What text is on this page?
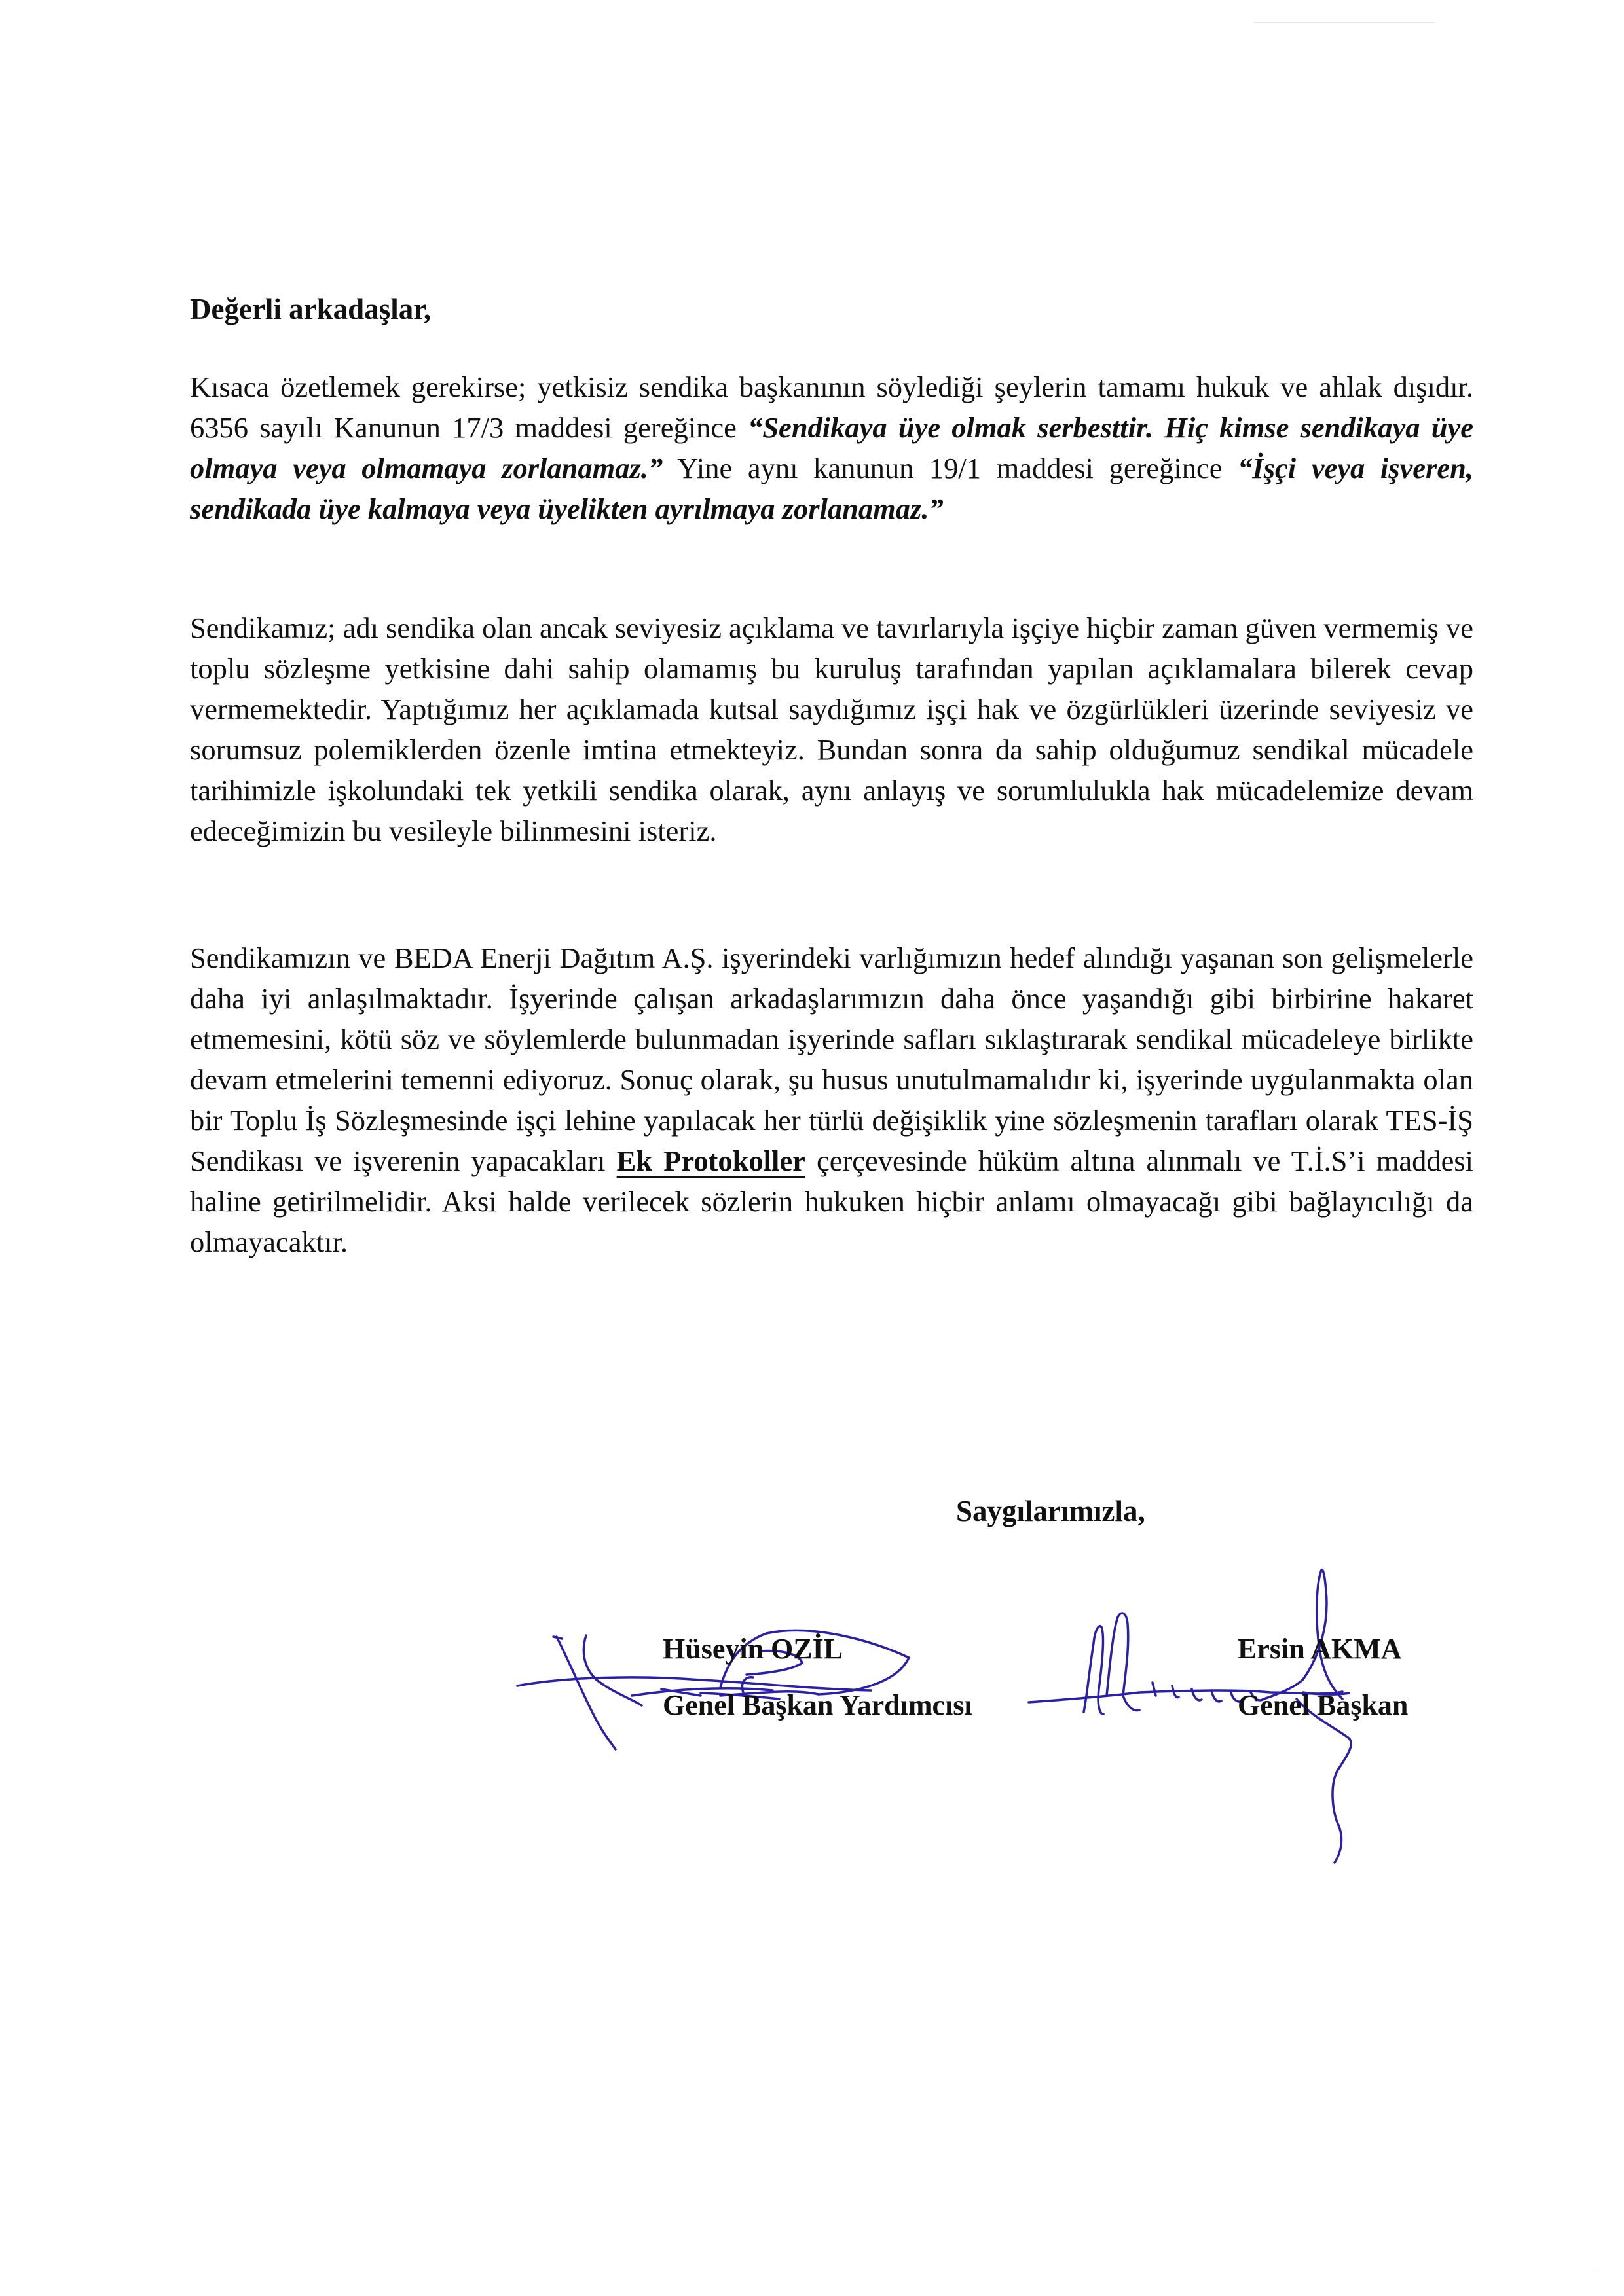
Değerli arkadaşlar,
Kısaca özetlemek gerekirse; yetkisiz sendika başkanının söylediği şeylerin tamamı hukuk ve ahlak dışıdır. 6356 sayılı Kanunun 17/3 maddesi gereğince “Sendikaya üye olmak serbesttir. Hiç kimse sendikaya üye olmaya veya olmamaya zorlanamaz.” Yine aynı kanunun 19/1 maddesi gereğince “İşçi veya işveren, sendikada üye kalmaya veya üyelikten ayrılmaya zorlanamaz.”
Sendikamız; adı sendika olan ancak seviyesiz açıklama ve tavırlarıyla işçiye hiçbir zaman güven vermemiş ve toplu sözleşme yetkisine dahi sahip olamamış bu kuruluş tarafından yapılan açıklamalara bilerek cevap vermemektedir. Yaptığımız her açıklamada kutsal saydığımız işçi hak ve özgürlükleri üzerinde seviyesiz ve sorumsuz polemiklerden özenle imtina etmekteyiz. Bundan sonra da sahip olduğumuz sendikal mücadele tarihimizle işkolundaki tek yetkili sendika olarak, aynı anlayış ve sorumlulukla hak mücadelemize devam edeceğimizin bu vesileyle bilinmesini isteriz.
Sendikamızın ve BEDA Enerji Dağıtım A.Ş. işyerindeki varlığımızın hedef alındığı yaşanan son gelişmelerle daha iyi anlaşılmaktadır. İşyerinde çalışan arkadaşlarımızın daha önce yaşandığı gibi birbirine hakaret etmemesini, kötü söz ve söylemlerde bulunmadan işyerinde safları sıklaştırarak sendikal mücadeleye birlikte devam etmelerini temenni ediyoruz. Sonuç olarak, şu husus unutulmamalıdır ki, işyerinde uygulanmakta olan bir Toplu İş Sözleşmesinde işçi lehine yapılacak her türlü değişiklik yine sözleşmenin tarafları olarak TES-İŞ Sendikası ve işverenin yapacakları Ek Protokoller çerçevesinde hüküm altına alınmalı ve T.İ.S’i maddesi haline getirilmelidir. Aksi halde verilecek sözlerin hukuken hiçbir anlamı olmayacağı gibi bağlayıcılığı da olmayacaktır.
Saygılarımızla,
Hüseyin OZİL
Genel Başkan Yardımcısı
Ersin AKMA
Genel Başkan
